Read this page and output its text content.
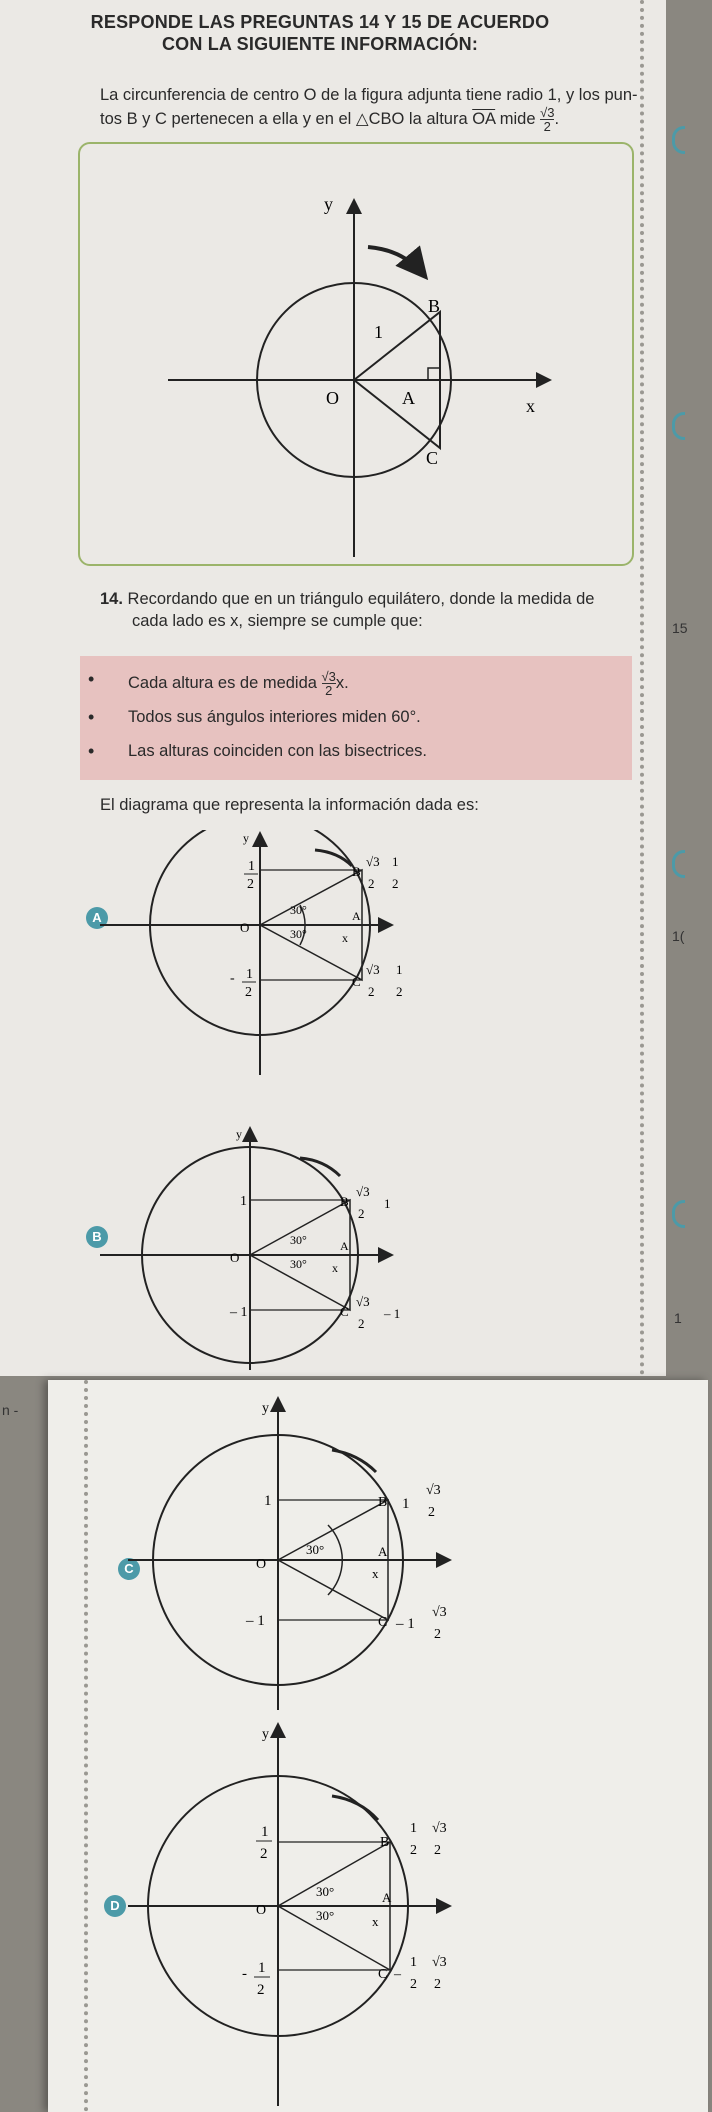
RESPONDE LAS PREGUNTAS 14 Y 15 DE ACUERDO
CON LA SIGUIENTE INFORMACIÓN:
La circunferencia de centro O de la figura adjunta tiene radio 1, y los pun-
tos B y C pertenecen a ella y en el △CBO la altura $\overline{OA}$ mide $\frac{√3}{2}$ .
y
x
O	A
B
C
1
14. Recordando que en un triángulo equilátero, donde la medida de
cada lado es x, siempre se cumple que:
• Cada altura es de medida $\frac{√3}{2} x$.
• Todos sus ángulos interiores miden 60°.
• Las alturas coinciden con las bisectrices.
El diagrama que representa la información dada es:
A	30°
30°
O
A
x
y
1
2
- 1
2
B
√3
2
1
2
C
√3
2
1
2
B	30°
30°
O
A
x
y
1
– 1
B
√3
2
1
C
√3
2
– 1
15
1(
1
C
30°
O
A
x
y
1
– 1
B 1
√3
2
C – 1
√3
2
D
30°
30°
O
A
x
y
1
2
- 1
2
B
1
2
√3
2
C –
1
2
√3
2
n -
